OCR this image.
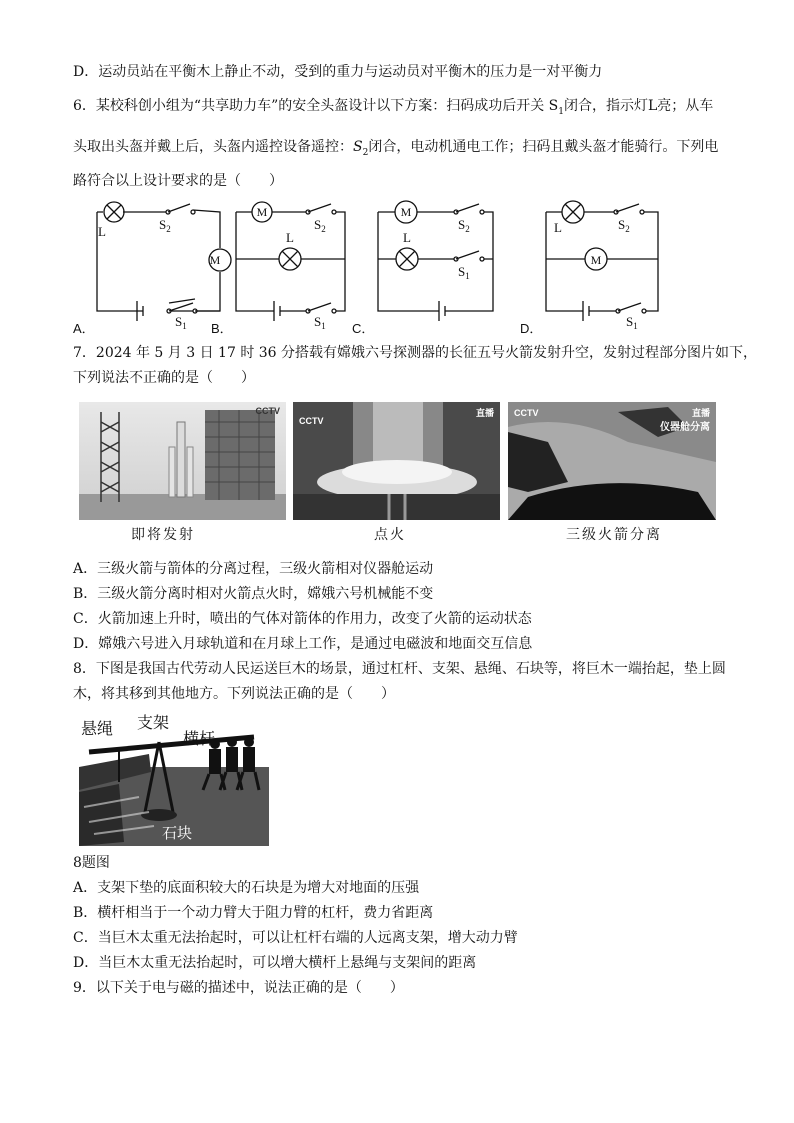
D．运动员站在平衡木上静止不动，受到的重力与运动员对平衡木的压力是一对平衡力
6．某校科创小组为“共享助力车”的安全头盔设计以下方案：扫码成功后开关 $S_1$闭合，指示灯L亮；从车
头取出头盔并戴上后，头盔内遥控设备遥控：$S_2$闭合，电动机通电工作；扫码且戴头盔才能骑行。下列电
路符合以上设计要求的是（　　）
L	$S_2$
M
$S_1$
M
L
$S_2$
$S_1$
M
L
$S_2$
$S_1$
L	$S_2$
M
$S_1$
A．	B．	C．	D．
7．2024 年 5 月 3 日 17 时 36 分搭载有嫦娥六号探测器的长征五号火箭发射升空，发射过程部分图片如下，
下列说法不正确的是（　　）
CCTV
CCTV
直播	直播
仪器舱分离
CCTV
即将发射	点火	三级火箭分离
A．三级火箭与箭体的分离过程，三级火箭相对仪器舱运动
B．三级火箭分离时相对火箭点火时，嫦娥六号机械能不变
C．火箭加速上升时，喷出的气体对箭体的作用力，改变了火箭的运动状态
D．嫦娥六号进入月球轨道和在月球上工作，是通过电磁波和地面交互信息
8．下图是我国古代劳动人民运送巨木的场景，通过杠杆、支架、悬绳、石块等，将巨木一端抬起，垫上圆
木，将其移到其他地方。下列说法正确的是（　　）
悬绳 支架
横杆
石块
8题图
A．支架下垫的底面积较大的石块是为增大对地面的压强
B．横杆相当于一个动力臂大于阻力臂的杠杆，费力省距离
C．当巨木太重无法抬起时，可以让杠杆右端的人远离支架，增大动力臂
D．当巨木太重无法抬起时，可以增大横杆上悬绳与支架间的距离
9．以下关于电与磁的描述中，说法正确的是（　　）
